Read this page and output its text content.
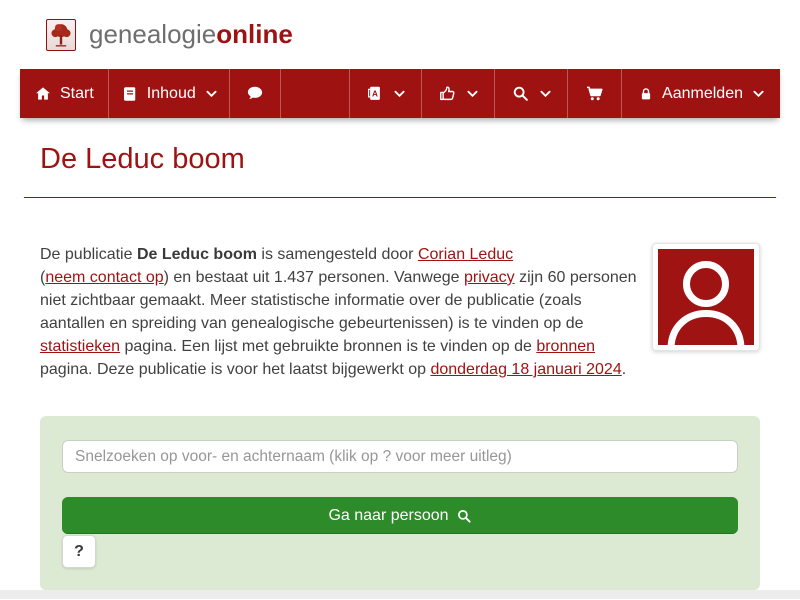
genealogieonline
Start	Inhoud	A	Aanmelden
De Leduc boom

De publicatie De Leduc boom is samengesteld door Corian Leduc
(neem contact op) en bestaat uit 1.437 personen. Vanwege privacy zijn 60 personen
niet zichtbaar gemaakt. Meer statistische informatie over de publicatie (zoals
aantallen en spreiding van genealogische gebeurtenissen) is te vinden op de
statistieken pagina. Een lijst met gebruikte bronnen is te vinden op de bronnen
pagina. Deze publicatie is voor het laatst bijgewerkt op donderdag 18 januari 2024.

Snelzoeken op voor- en achternaam (klik op ? voor meer uitleg)
Ga naar persoon
?
